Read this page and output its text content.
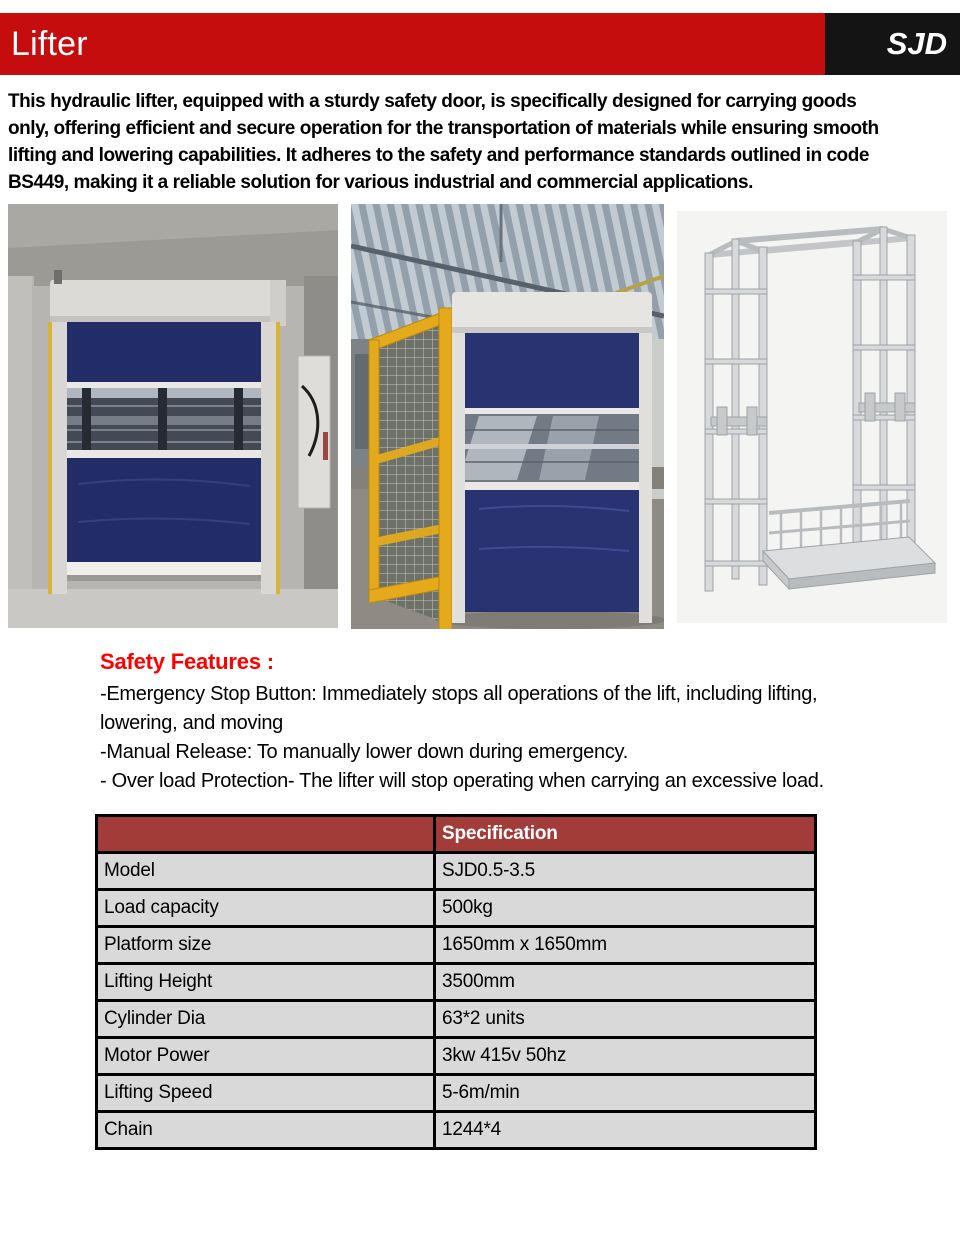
Lifter	SJD

This hydraulic lifter, equipped with a sturdy safety door, is specifically designed for carrying goods only, offering efficient and secure operation for the transportation of materials while ensuring smooth lifting and lowering capabilities. It adheres to the safety and performance standards outlined in code BS449, making it a reliable solution for various industrial and commercial applications.

Safety Features :

-Emergency Stop Button: Immediately stops all operations of the lift, including lifting, lowering, and moving

-Manual Release: To manually lower down during emergency.

- Over load Protection- The lifter will stop operating when carrying an excessive load.

	Specification
Model	SJD0.5-3.5
Load capacity	500kg
Platform size	1650mm x 1650mm
Lifting Height	3500mm
Cylinder Dia	63*2 units
Motor Power	3kw 415v 50hz
Lifting Speed	5-6m/min
Chain	1244*4
